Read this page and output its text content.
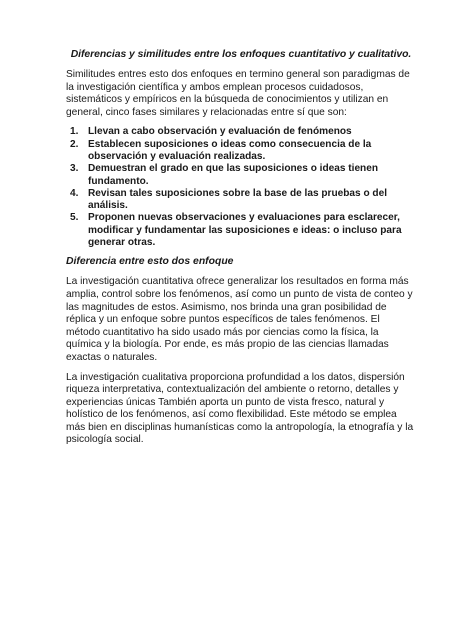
Diferencias y similitudes entre los enfoques cuantitativo y cualitativo.

Similitudes entres esto dos enfoques en termino general son paradigmas de la investigación científica y ambos emplean procesos cuidadosos, sistemáticos y empíricos en la búsqueda de conocimientos y utilizan en general, cinco fases similares y relacionadas entre sí que son:

1. Llevan a cabo observación y evaluación de fenómenos
2. Establecen suposiciones o ideas como consecuencia de la observación y evaluación realizadas.
3. Demuestran el grado en que las suposiciones o ideas tienen fundamento.
4. Revisan tales suposiciones sobre la base de las pruebas o del análisis.
5. Proponen nuevas observaciones y evaluaciones para esclarecer, modificar y fundamentar las suposiciones e ideas: o incluso para generar otras.
Diferencia entre esto dos enfoque

La investigación cuantitativa ofrece generalizar los resultados en forma más amplia, control sobre los fenómenos, así como un punto de vista de conteo y las magnitudes de estos. Asimismo, nos brinda una gran posibilidad de réplica y un enfoque sobre puntos específicos de tales fenómenos. El método cuantitativo ha sido usado más por ciencias como la física, la química y la biología. Por ende, es más propio de las ciencias llamadas exactas o naturales.

La investigación cualitativa proporciona profundidad a los datos, dispersión riqueza interpretativa, contextualización del ambiente o retorno, detalles y experiencias únicas También aporta un punto de vista fresco, natural y holístico de los fenómenos, así como flexibilidad. Este método se emplea más bien en disciplinas humanísticas como la antropología, la etnografía y la psicología social.
